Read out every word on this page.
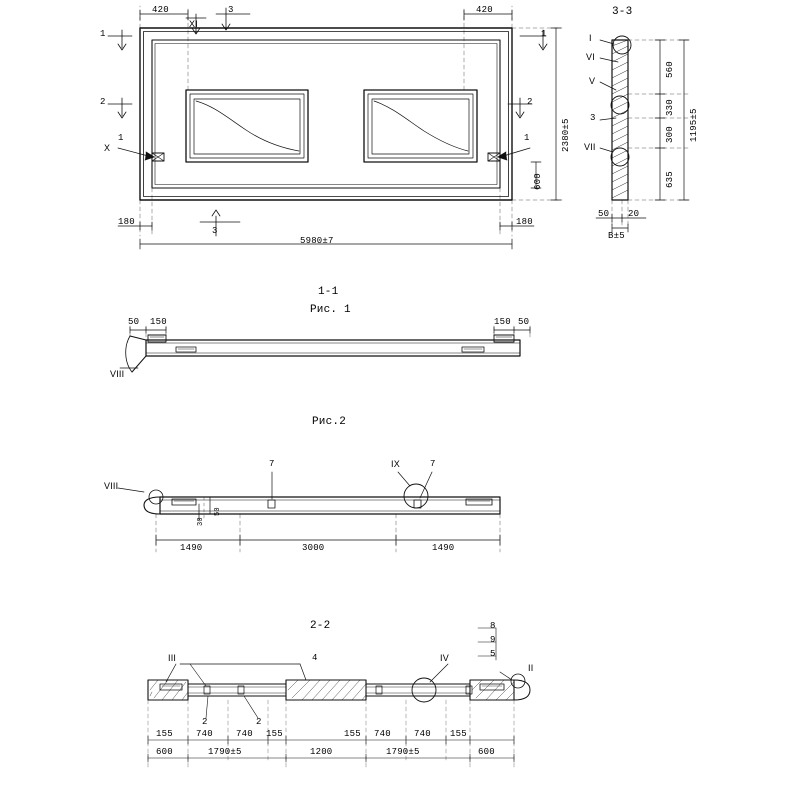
420	420
XI
3
1	1
2	2
1	1
X
180	180
3
5980±7
2380±5
600
3-3
I
VI
V
3
VII
560
330
300
635
1195±5
50 20
B±5
1-1
Рис. 1
50 150	150 50
VIII
Рис.2
VIII
7	IX	7
50
30
1490	3000	1490
2-2
III	4	IV
II
2	2
8
9
5
155	740	740 155	155 740	740 155
600	1790±5	1200	1790±5	600
